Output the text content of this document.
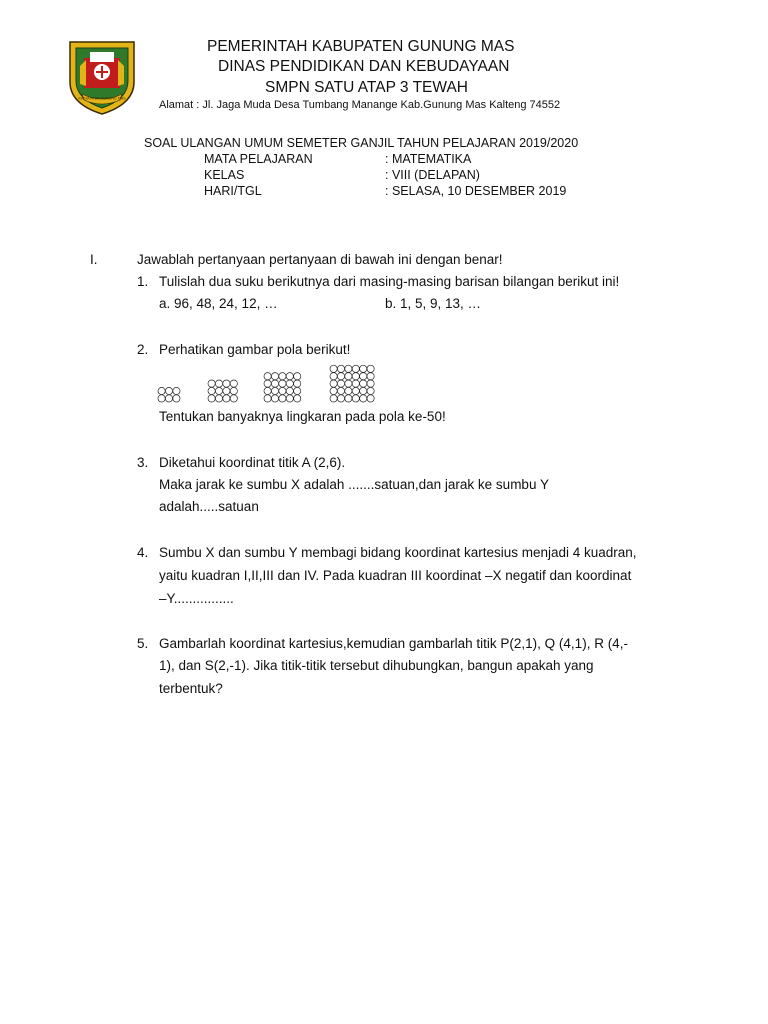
KABUPATEN GUNUNG MAS
PEMERINTAH KABUPATEN GUNUNG MAS
DINAS PENDIDIKAN DAN KEBUDAYAAN
SMPN SATU ATAP 3 TEWAH
Alamat : Jl. Jaga Muda Desa Tumbang Manange Kab.Gunung Mas Kalteng 74552
SOAL ULANGAN UMUM SEMETER GANJIL TAHUN PELAJARAN 2019/2020
MATA PELAJARAN	: MATEMATIKA
KELAS	: VIII (DELAPAN)
HARI/TGL	: SELASA, 10 DESEMBER 2019
I.	Jawablah pertanyaan pertanyaan di bawah ini dengan benar!
1. Tulislah dua suku berikutnya dari masing-masing barisan bilangan berikut ini!
a. 96, 48, 24, 12, …	b. 1, 5, 9, 13, …
2. Perhatikan gambar pola berikut!
Tentukan banyaknya lingkaran pada pola ke-50!
3. Diketahui koordinat titik A (2,6).
Maka jarak ke sumbu X adalah .......satuan,dan jarak ke sumbu Y
adalah.....satuan
4. Sumbu X dan sumbu Y membagi bidang koordinat kartesius menjadi 4 kuadran,
yaitu kuadran I,II,III dan IV. Pada kuadran III koordinat –X negatif dan koordinat
–Y................
5. Gambarlah koordinat kartesius,kemudian gambarlah titik P(2,1), Q (4,1), R (4,-
1), dan S(2,-1). Jika titik-titik tersebut dihubungkan, bangun apakah yang
terbentuk?
